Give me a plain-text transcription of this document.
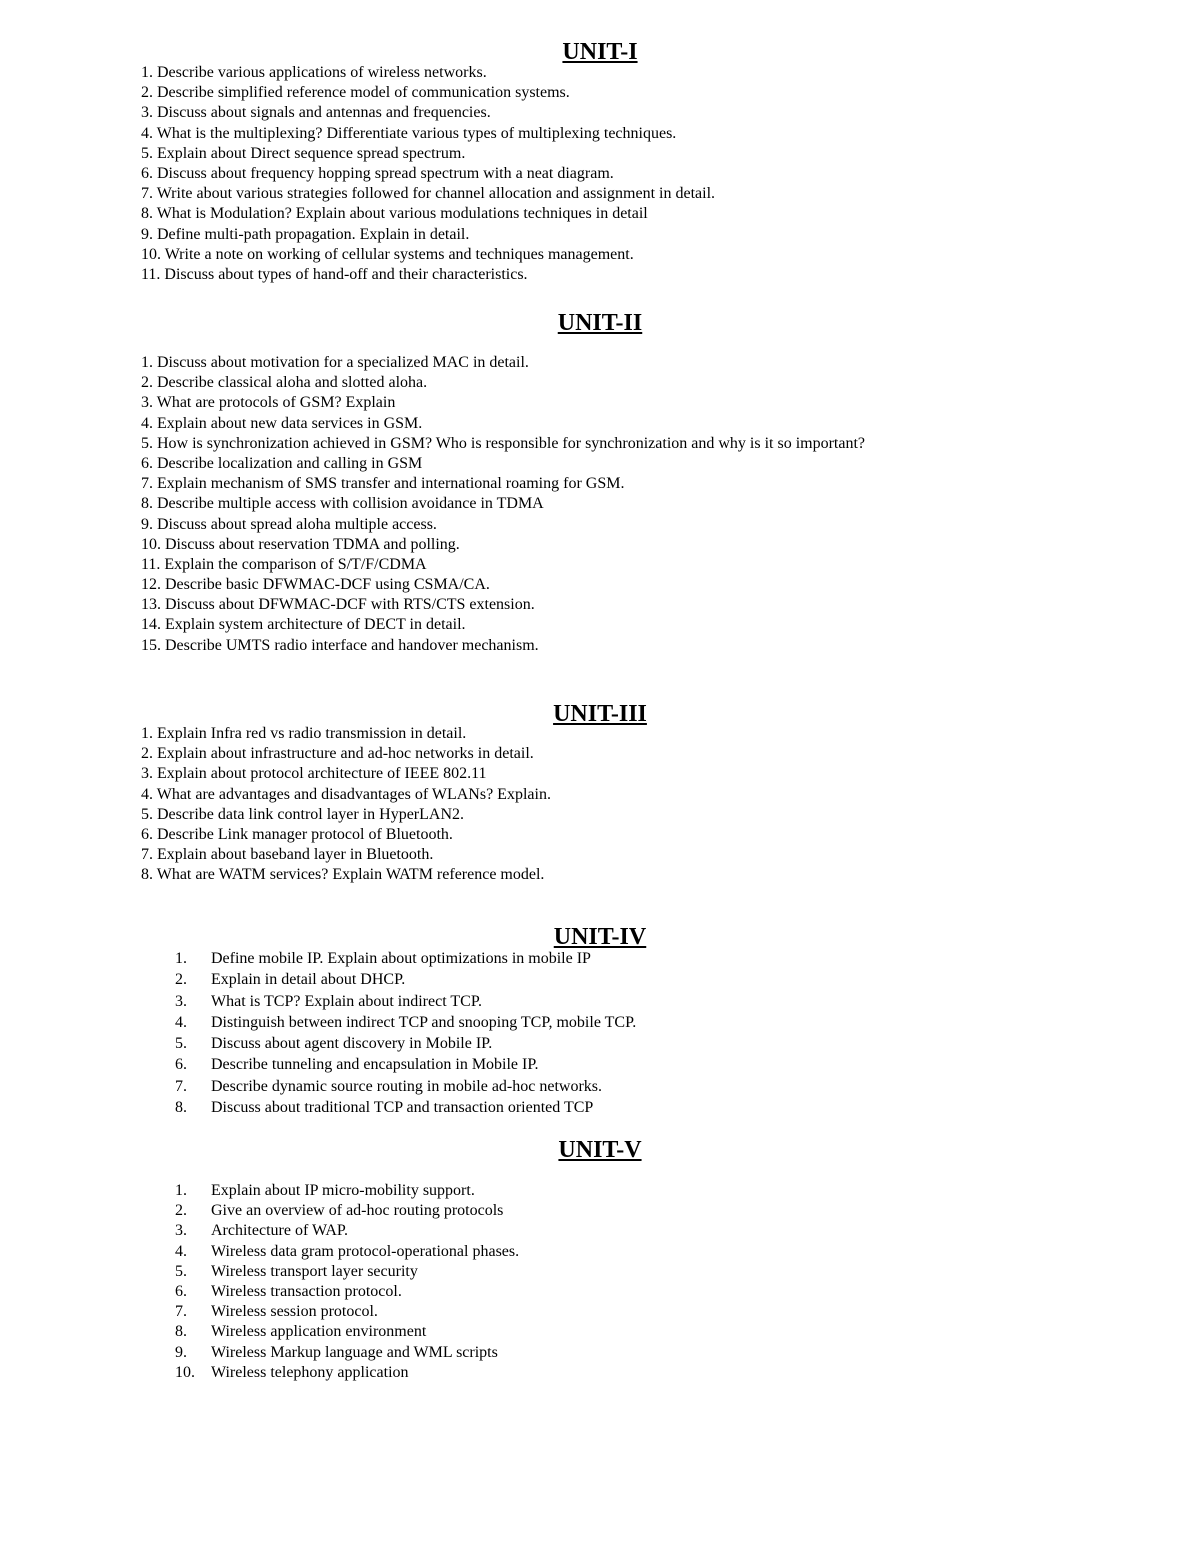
UNIT-I
1. Describe various applications of wireless networks.
2. Describe simplified reference model of communication systems.
3. Discuss about signals and antennas and frequencies.
4. What is the multiplexing? Differentiate various types of multiplexing techniques.
5. Explain about Direct sequence spread spectrum.
6. Discuss about frequency hopping spread spectrum with a neat diagram.
7. Write about various strategies followed for channel allocation and assignment in detail.
8. What is Modulation? Explain about various modulations techniques in detail
9. Define multi-path propagation. Explain in detail.
10. Write a note on working of cellular systems and techniques management.
11. Discuss about types of hand-off and their characteristics.
UNIT-II
1. Discuss about motivation for a specialized MAC in detail.
2. Describe classical aloha and slotted aloha.
3. What are protocols of GSM? Explain
4. Explain about new data services in GSM.
5. How is synchronization achieved in GSM? Who is responsible for synchronization and why is it so important?
6. Describe localization and calling in GSM
7. Explain mechanism of SMS transfer and international roaming for GSM.
8. Describe multiple access with collision avoidance in TDMA
9. Discuss about spread aloha multiple access.
10. Discuss about reservation TDMA and polling.
11. Explain the comparison of S/T/F/CDMA
12. Describe basic DFWMAC-DCF using CSMA/CA.
13. Discuss about DFWMAC-DCF with RTS/CTS extension.
14. Explain system architecture of DECT in detail.
15. Describe UMTS radio interface and handover mechanism.
UNIT-III
1. Explain Infra red vs radio transmission in detail.
2. Explain about infrastructure and ad-hoc networks in detail.
3. Explain about protocol architecture of IEEE 802.11
4. What are advantages and disadvantages of WLANs? Explain.
5. Describe data link control layer in HyperLAN2.
6. Describe Link manager protocol of Bluetooth.
7. Explain about baseband layer in Bluetooth.
8. What are WATM services? Explain WATM reference model.
UNIT-IV
1. Define mobile IP. Explain about optimizations in mobile IP
2. Explain in detail about DHCP.
3. What is TCP? Explain about indirect TCP.
4. Distinguish between indirect TCP and snooping TCP, mobile TCP.
5. Discuss about agent discovery in Mobile IP.
6. Describe tunneling and encapsulation in Mobile IP.
7. Describe dynamic source routing in mobile ad-hoc networks.
8. Discuss about traditional TCP and transaction oriented TCP
UNIT-V
1. Explain about IP micro-mobility support.
2. Give an overview of ad-hoc routing protocols
3. Architecture of WAP.
4. Wireless data gram protocol-operational phases.
5. Wireless transport layer security
6. Wireless transaction protocol.
7. Wireless session protocol.
8. Wireless application environment
9. Wireless Markup language and WML scripts
10. Wireless telephony application
